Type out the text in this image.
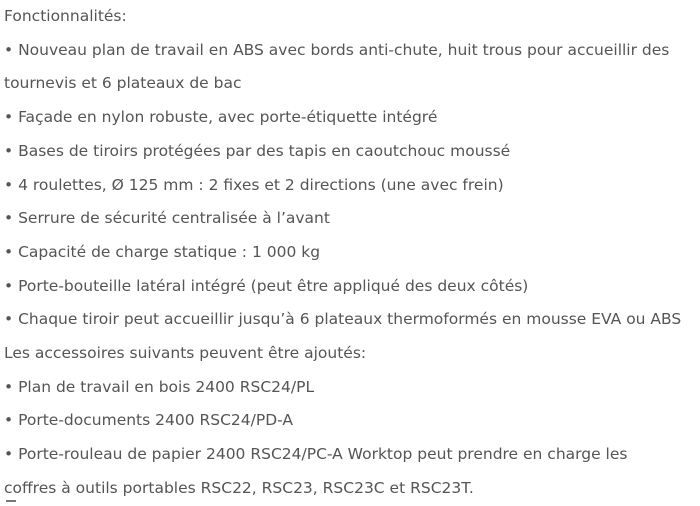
Fonctionnalités:
• Nouveau plan de travail en ABS avec bords anti-chute, huit trous pour accueillir des
tournevis et 6 plateaux de bac
• Façade en nylon robuste, avec porte-étiquette intégré
• Bases de tiroirs protégées par des tapis en caoutchouc moussé
• 4 roulettes, Ø 125 mm : 2 fixes et 2 directions (une avec frein)
• Serrure de sécurité centralisée à l’avant
• Capacité de charge statique : 1 000 kg
• Porte-bouteille latéral intégré (peut être appliqué des deux côtés)
• Chaque tiroir peut accueillir jusqu’à 6 plateaux thermoformés en mousse EVA ou ABS
Les accessoires suivants peuvent être ajoutés:
• Plan de travail en bois 2400 RSC24/PL
• Porte-documents 2400 RSC24/PD-A
• Porte-rouleau de papier 2400 RSC24/PC-A Worktop peut prendre en charge les
coffres à outils portables RSC22, RSC23, RSC23C et RSC23T.
